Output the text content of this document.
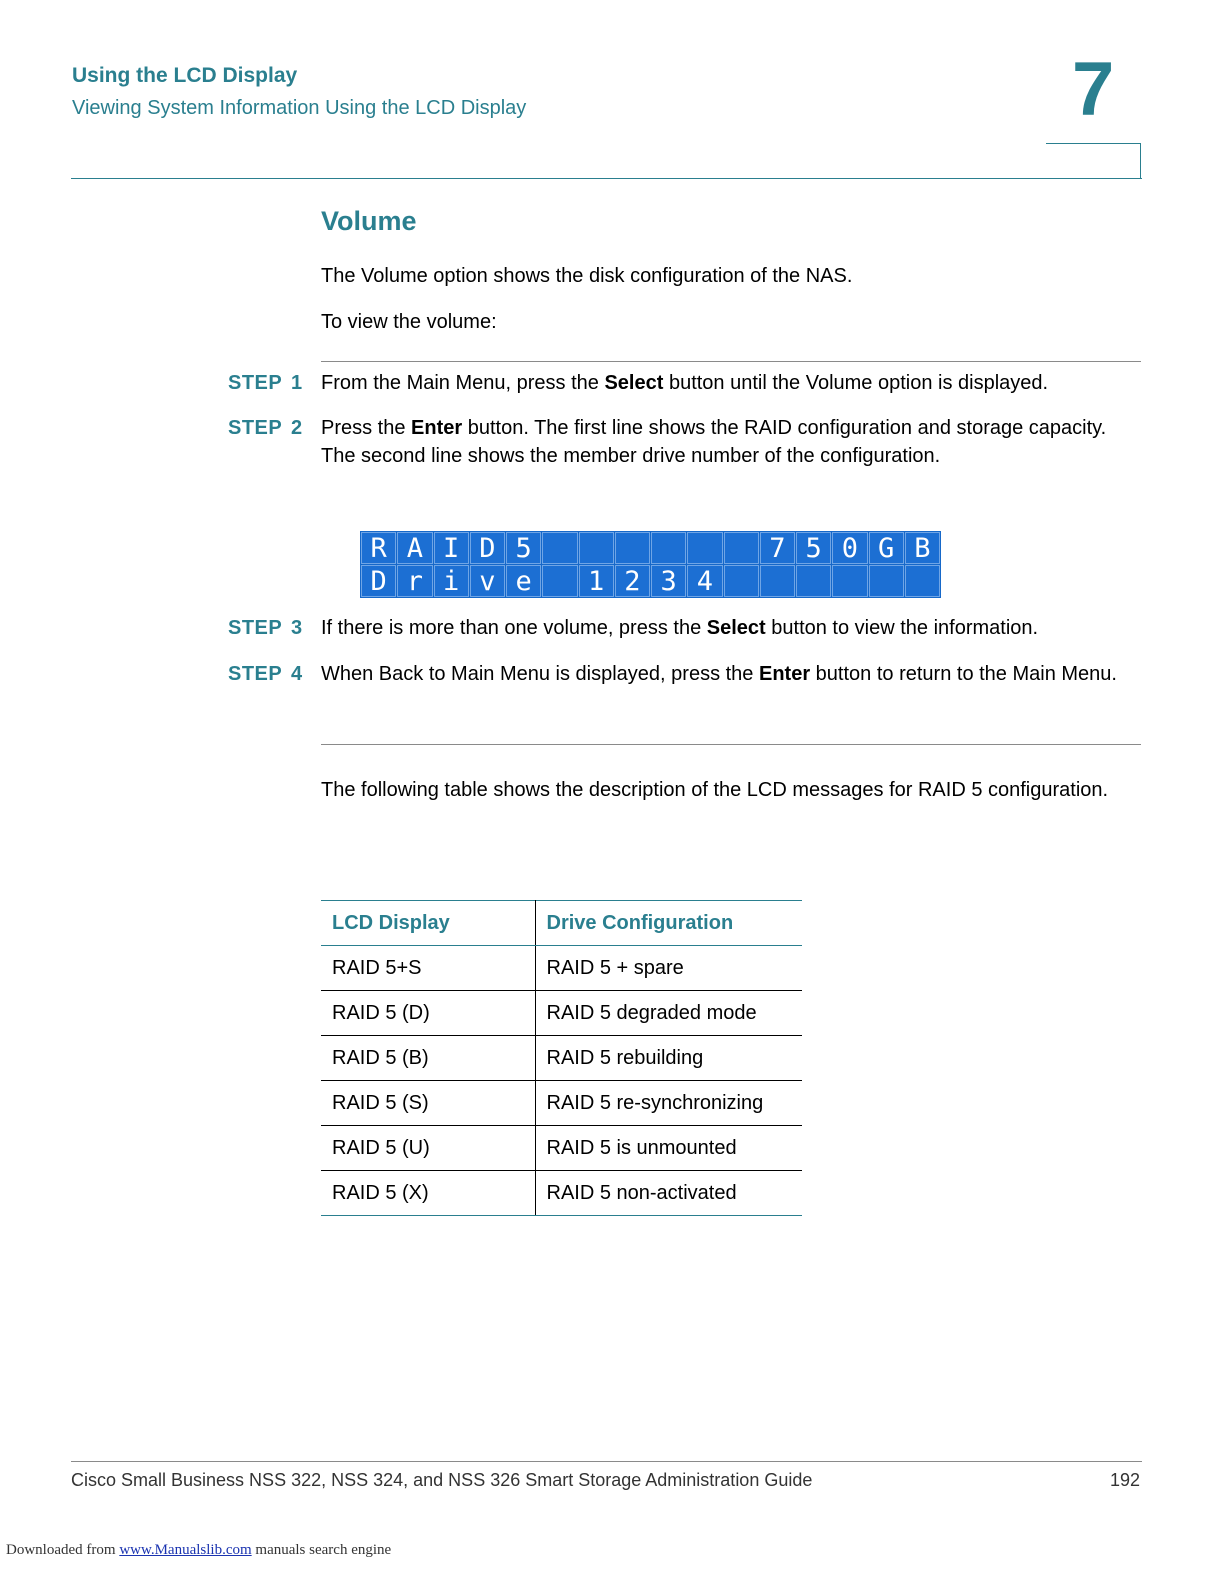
Using the LCD Display
Viewing System Information Using the LCD Display	7
Volume
The Volume option shows the disk configuration of the NAS.
To view the volume:
STEP 1 From the Main Menu, press the Select button until the Volume option is displayed.
STEP 2 Press the Enter button. The first line shows the RAID configuration and storage capacity. The second line shows the member drive number of the configuration.
R A I D 5	7 5 0 G B
D r i v e	1 2 3 4
STEP 3 If there is more than one volume, press the Select button to view the information.
STEP 4 When Back to Main Menu is displayed, press the Enter button to return to the Main Menu.
The following table shows the description of the LCD messages for RAID 5 configuration.
LCD Display	Drive Configuration
RAID 5+S	RAID 5 + spare
RAID 5 (D)	RAID 5 degraded mode
RAID 5 (B)	RAID 5 rebuilding
RAID 5 (S)	RAID 5 re-synchronizing
RAID 5 (U)	RAID 5 is unmounted
RAID 5 (X)	RAID 5 non-activated
Cisco Small Business NSS 322, NSS 324, and NSS 326 Smart Storage Administration Guide	192
Downloaded from www.Manualslib.com manuals search engine
